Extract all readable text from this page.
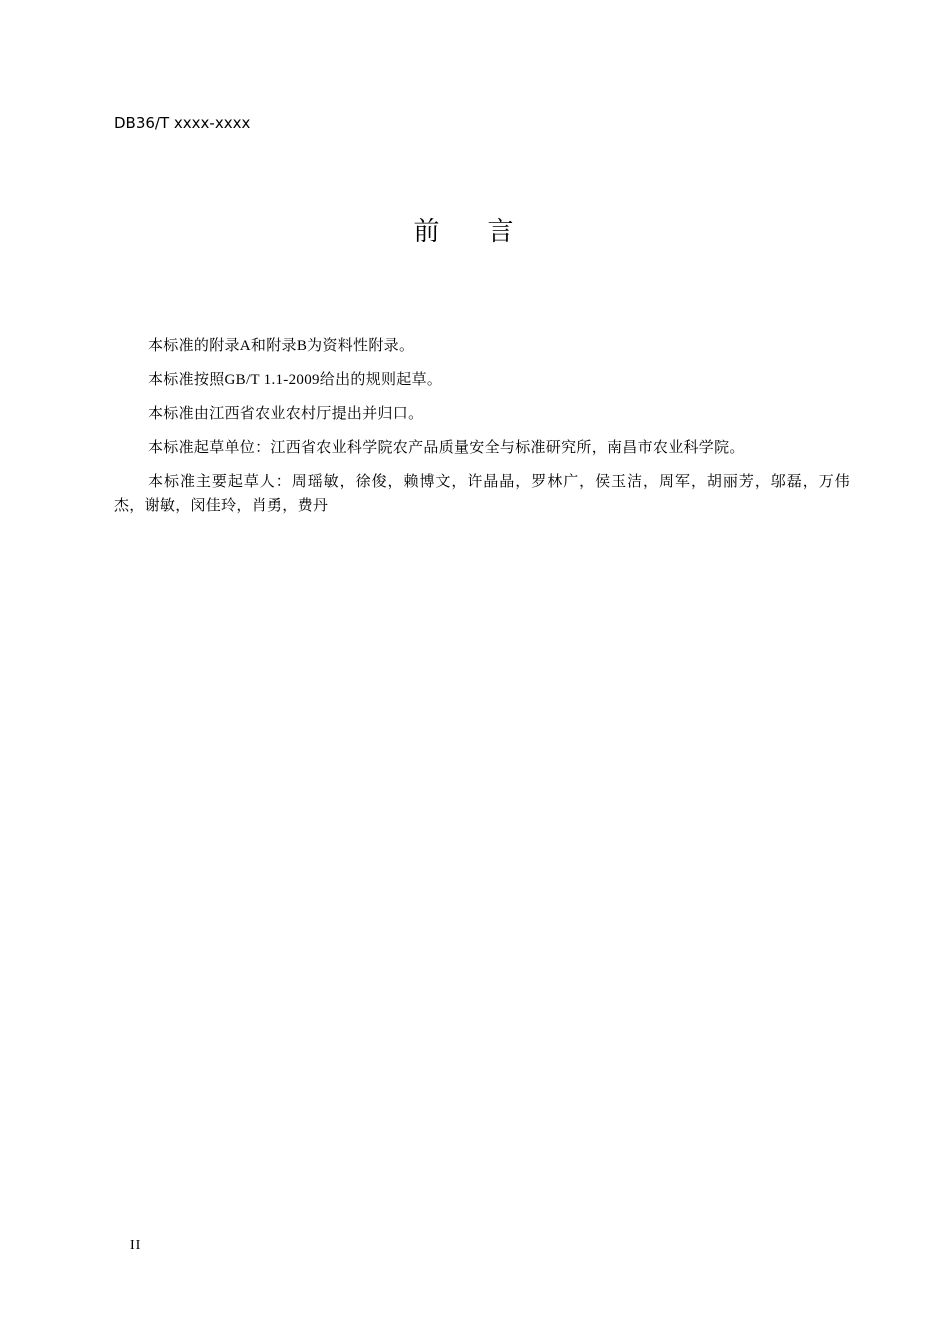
DB36/T xxxx-xxxx
前言

本标准的附录A和附录B为资料性附录。

本标准按照GB/T 1.1-2009给出的规则起草。

本标准由江西省农业农村厅提出并归口。

本标准起草单位：江西省农业科学院农产品质量安全与标准研究所，南昌市农业科学院。

本标准主要起草人：周瑶敏，徐俊，赖博文，许晶晶，罗林广，侯玉洁，周军，胡丽芳，邬磊，万伟杰，谢敏，闵佳玲，肖勇，费丹

II
